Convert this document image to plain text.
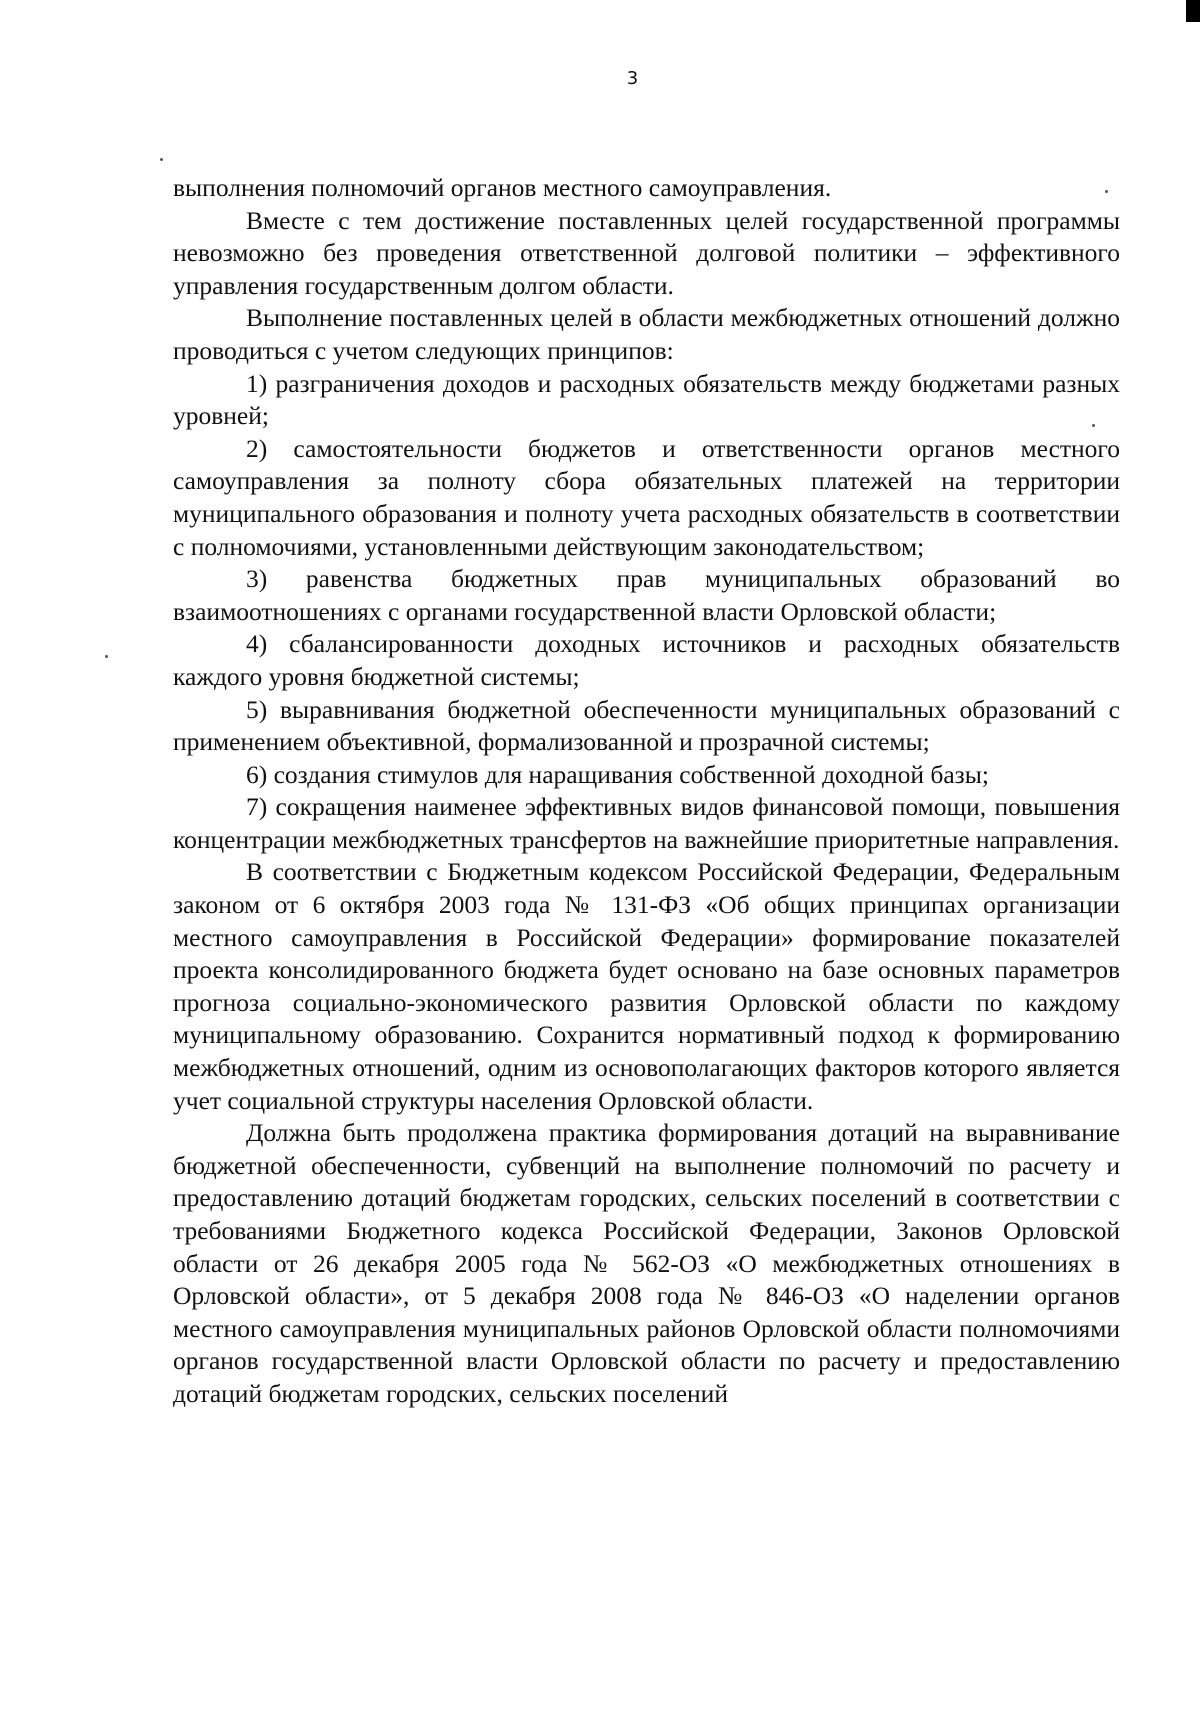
3

выполнения полномочий органов местного самоуправления.

Вместе с тем достижение поставленных целей государственной программы невозможно без проведения ответственной долговой политики – эффективного управления государственным долгом области.

Выполнение поставленных целей в области межбюджетных отношений должно проводиться с учетом следующих принципов:

1) разграничения доходов и расходных обязательств между бюджетами разных уровней;

2) самостоятельности бюджетов и ответственности органов местного самоуправления за полноту сбора обязательных платежей на территории муниципального образования и полноту учета расходных обязательств в соответствии с полномочиями, установленными действующим законодательством;

3) равенства бюджетных прав муниципальных образований во взаимоотношениях с органами государственной власти Орловской области;

4) сбалансированности доходных источников и расходных обязательств каждого уровня бюджетной системы;

5) выравнивания бюджетной обеспеченности муниципальных образований с применением объективной, формализованной и прозрачной системы;

6) создания стимулов для наращивания собственной доходной базы;

7) сокращения наименее эффективных видов финансовой помощи, повышения концентрации межбюджетных трансфертов на важнейшие приоритетные направления.

В соответствии с Бюджетным кодексом Российской Федерации, Федеральным законом от 6 октября 2003 года № 131-ФЗ «Об общих принципах организации местного самоуправления в Российской Федерации» формирование показателей проекта консолидированного бюджета будет основано на базе основных параметров прогноза социально-экономического развития Орловской области по каждому муниципальному образованию. Сохранится нормативный подход к формированию межбюджетных отношений, одним из основополагающих факторов которого является учет социальной структуры населения Орловской области.

Должна быть продолжена практика формирования дотаций на выравнивание бюджетной обеспеченности, субвенций на выполнение полномочий по расчету и предоставлению дотаций бюджетам городских, сельских поселений в соответствии с требованиями Бюджетного кодекса Российской Федерации, Законов Орловской области от 26 декабря 2005 года № 562-ОЗ «О межбюджетных отношениях в Орловской области», от 5 декабря 2008 года № 846-ОЗ «О наделении органов местного самоуправления муниципальных районов Орловской области полномочиями органов государственной власти Орловской области по расчету и предоставлению дотаций бюджетам городских, сельских поселений
